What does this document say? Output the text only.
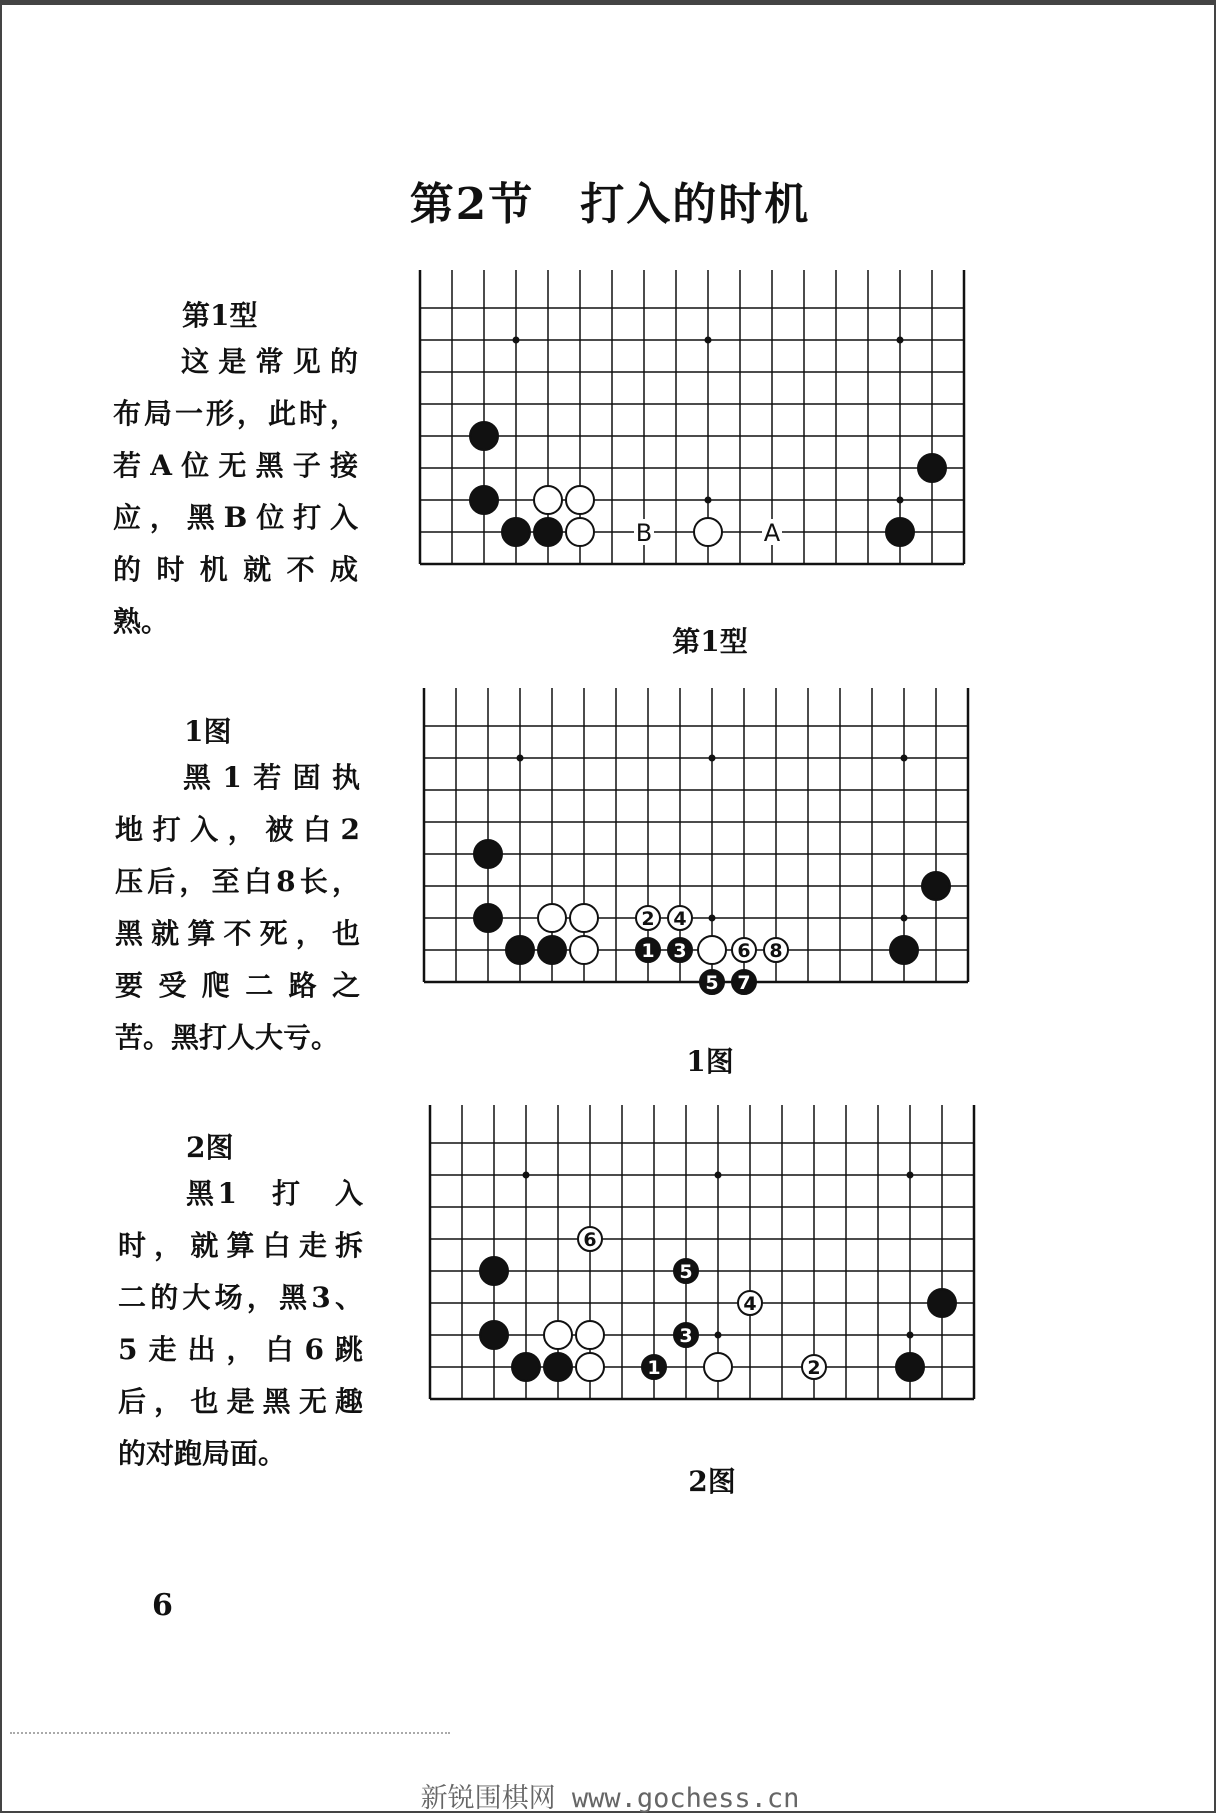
第2节　打入的时机
第1型
这是常见的
布局一形，此时，
若A位无黑子接
应，黑B位打入
的时机就不成
熟。
B	A
第1型
1图
黑1若固执
地打入，被白2
压后，至白8长，
黑就算不死，也
要受爬二路之
苦。黑打人大亏。
2 4
1 3	6 8
5 7
1图
2图
黑1　打　入
时，就算白走拆
二的大场，黑3、
5走出，白6跳
后，也是黑无趣
的对跑局面。
6
5
4
3
1	2
2图
6
新锐围棋网 www.gochess.cn
